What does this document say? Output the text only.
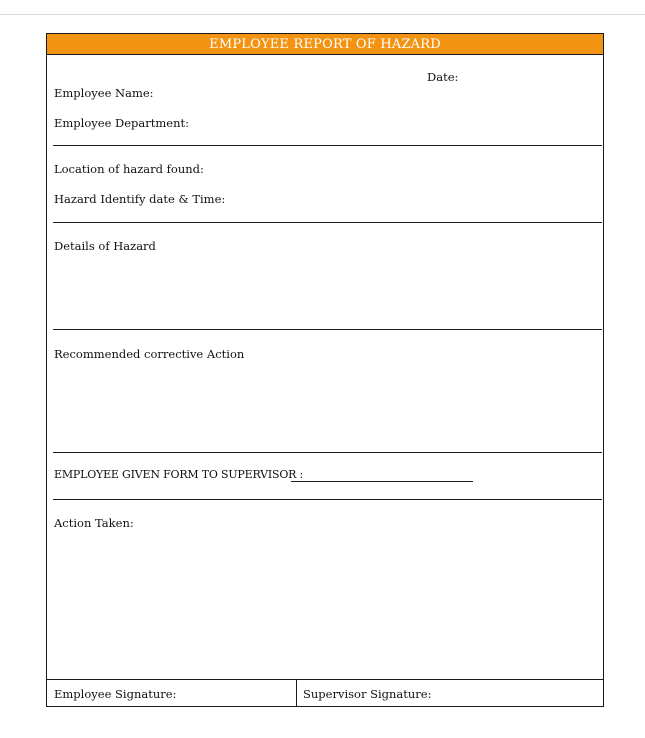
EMPLOYEE REPORT OF HAZARD
Date:
Employee Name:
Employee Department:
Location of hazard found:
Hazard Identify date & Time:
Details of Hazard
Recommended corrective Action
EMPLOYEE GIVEN FORM TO SUPERVISOR :
Action Taken:
Employee Signature:	Supervisor Signature:
